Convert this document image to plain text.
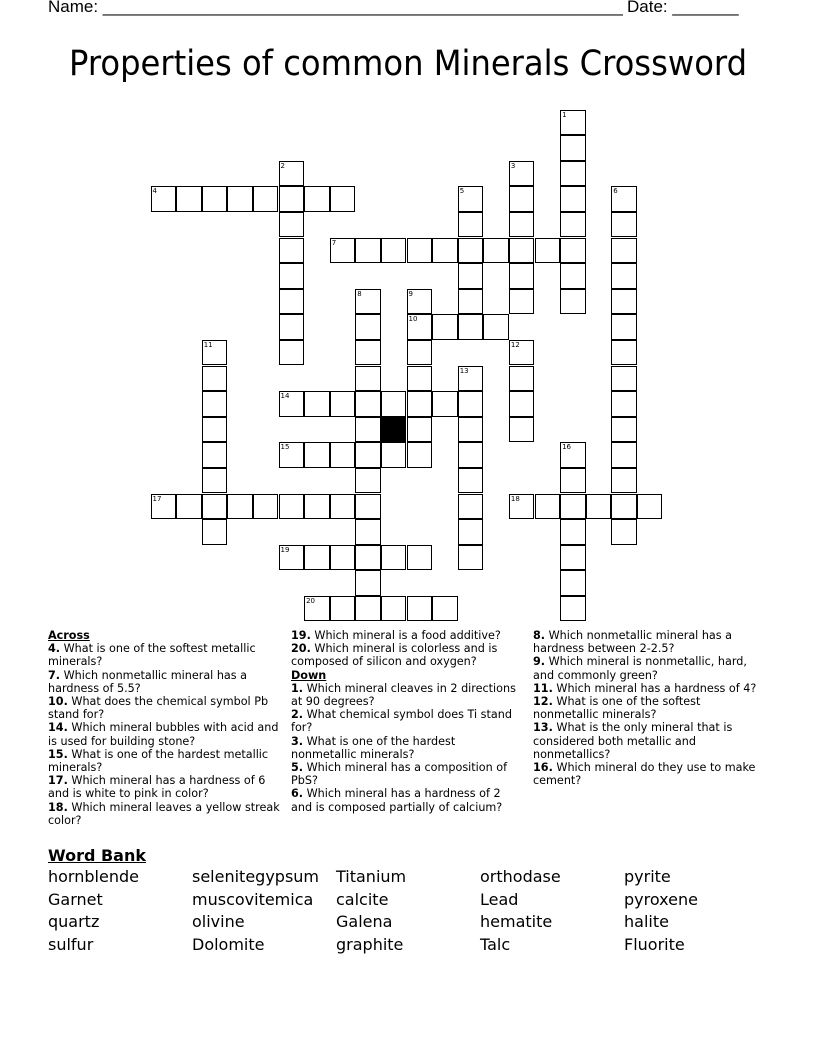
Name: _______________________________________________________ Date: _______
Properties of common Minerals Crossword
1
2	3
4	5	6
7
8	9
10
11	12
13
14
15	16
17	18
19
20
Across
4. What is one of the softest metallic minerals?
7. Which nonmetallic mineral has a hardness of 5.5?
10. What does the chemical symbol Pb stand for?
14. Which mineral bubbles with acid and is used for building stone?
15. What is one of the hardest metallic minerals?
17. Which mineral has a hardness of 6 and is white to pink in color?
18. Which mineral leaves a yellow streak color?
19. Which mineral is a food additive?
20. Which mineral is colorless and is composed of silicon and oxygen?
Down
1. Which mineral cleaves in 2 directions at 90 degrees?
2. What chemical symbol does Ti stand for?
3. What is one of the hardest nonmetallic minerals?
5. Which mineral has a composition of PbS?
6. Which mineral has a hardness of 2 and is composed partially of calcium?
8. Which nonmetallic mineral has a hardness between 2-2.5?
9. Which mineral is nonmetallic, hard, and commonly green?
11. Which mineral has a hardness of 4?
12. What is one of the softest nonmetallic minerals?
13. What is the only mineral that is considered both metallic and nonmetallics?
16. Which mineral do they use to make cement?
Word Bank
hornblende
Garnet
quartz
sulfur
selenitegypsum
muscovitemica
olivine
Dolomite
Titanium
calcite
Galena
graphite
orthodase
Lead
hematite
Talc
pyrite
pyroxene
halite
Fluorite
